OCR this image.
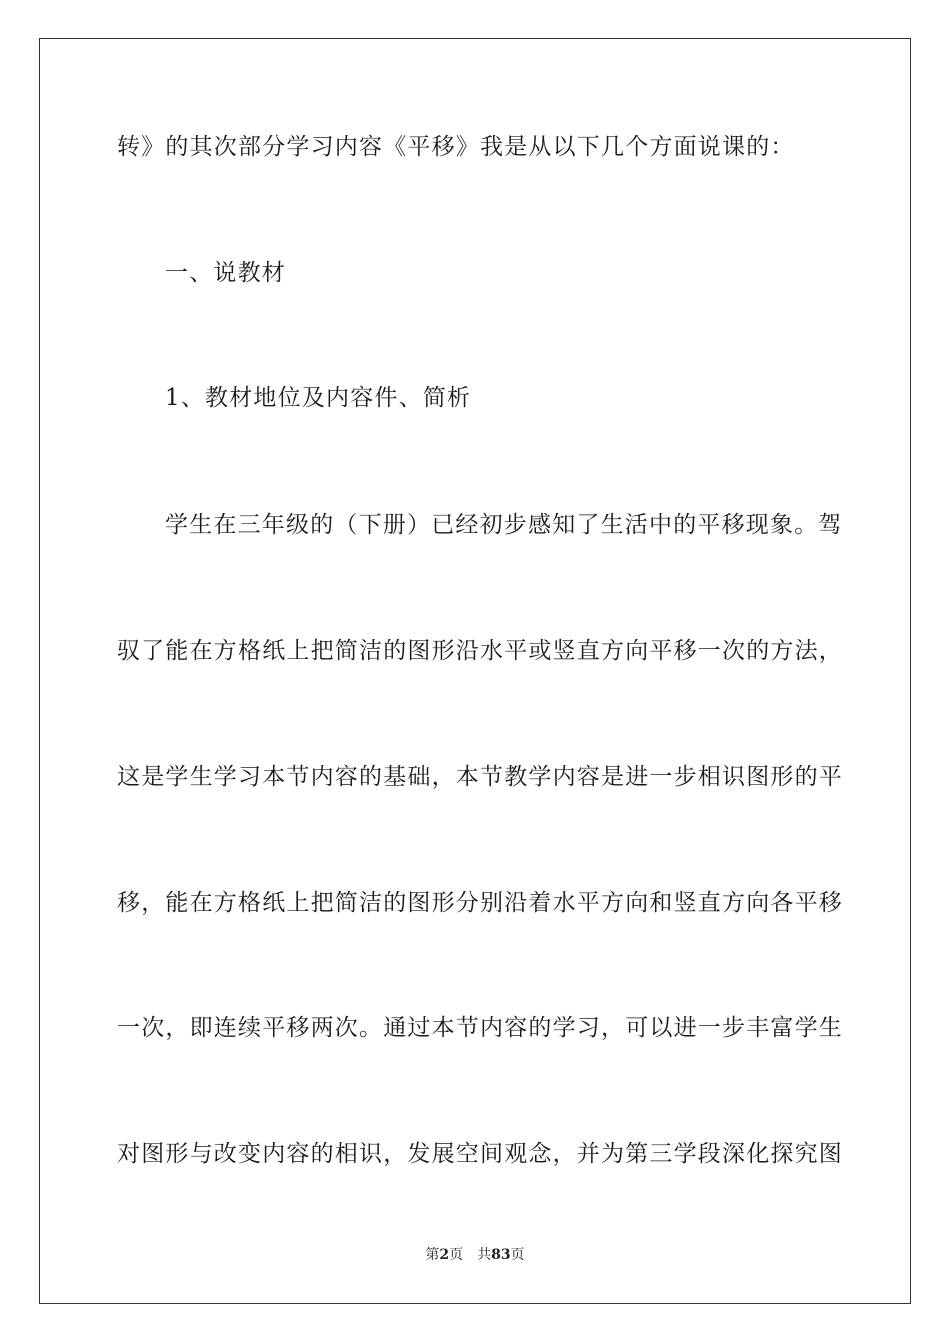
转》的其次部分学习内容《平移》我是从以下几个方面说课的：
一、说教材
1、教材地位及内容件、简析
学生在三年级的（下册）已经初步感知了生活中的平移现象。驾
驭了能在方格纸上把简洁的图形沿水平或竖直方向平移一次的方法，
这是学生学习本节内容的基础，本节教学内容是进一步相识图形的平
移，能在方格纸上把简洁的图形分别沿着水平方向和竖直方向各平移
一次，即连续平移两次。通过本节内容的学习，可以进一步丰富学生
对图形与改变内容的相识，发展空间观念，并为第三学段深化探究图
第2页 共83页
